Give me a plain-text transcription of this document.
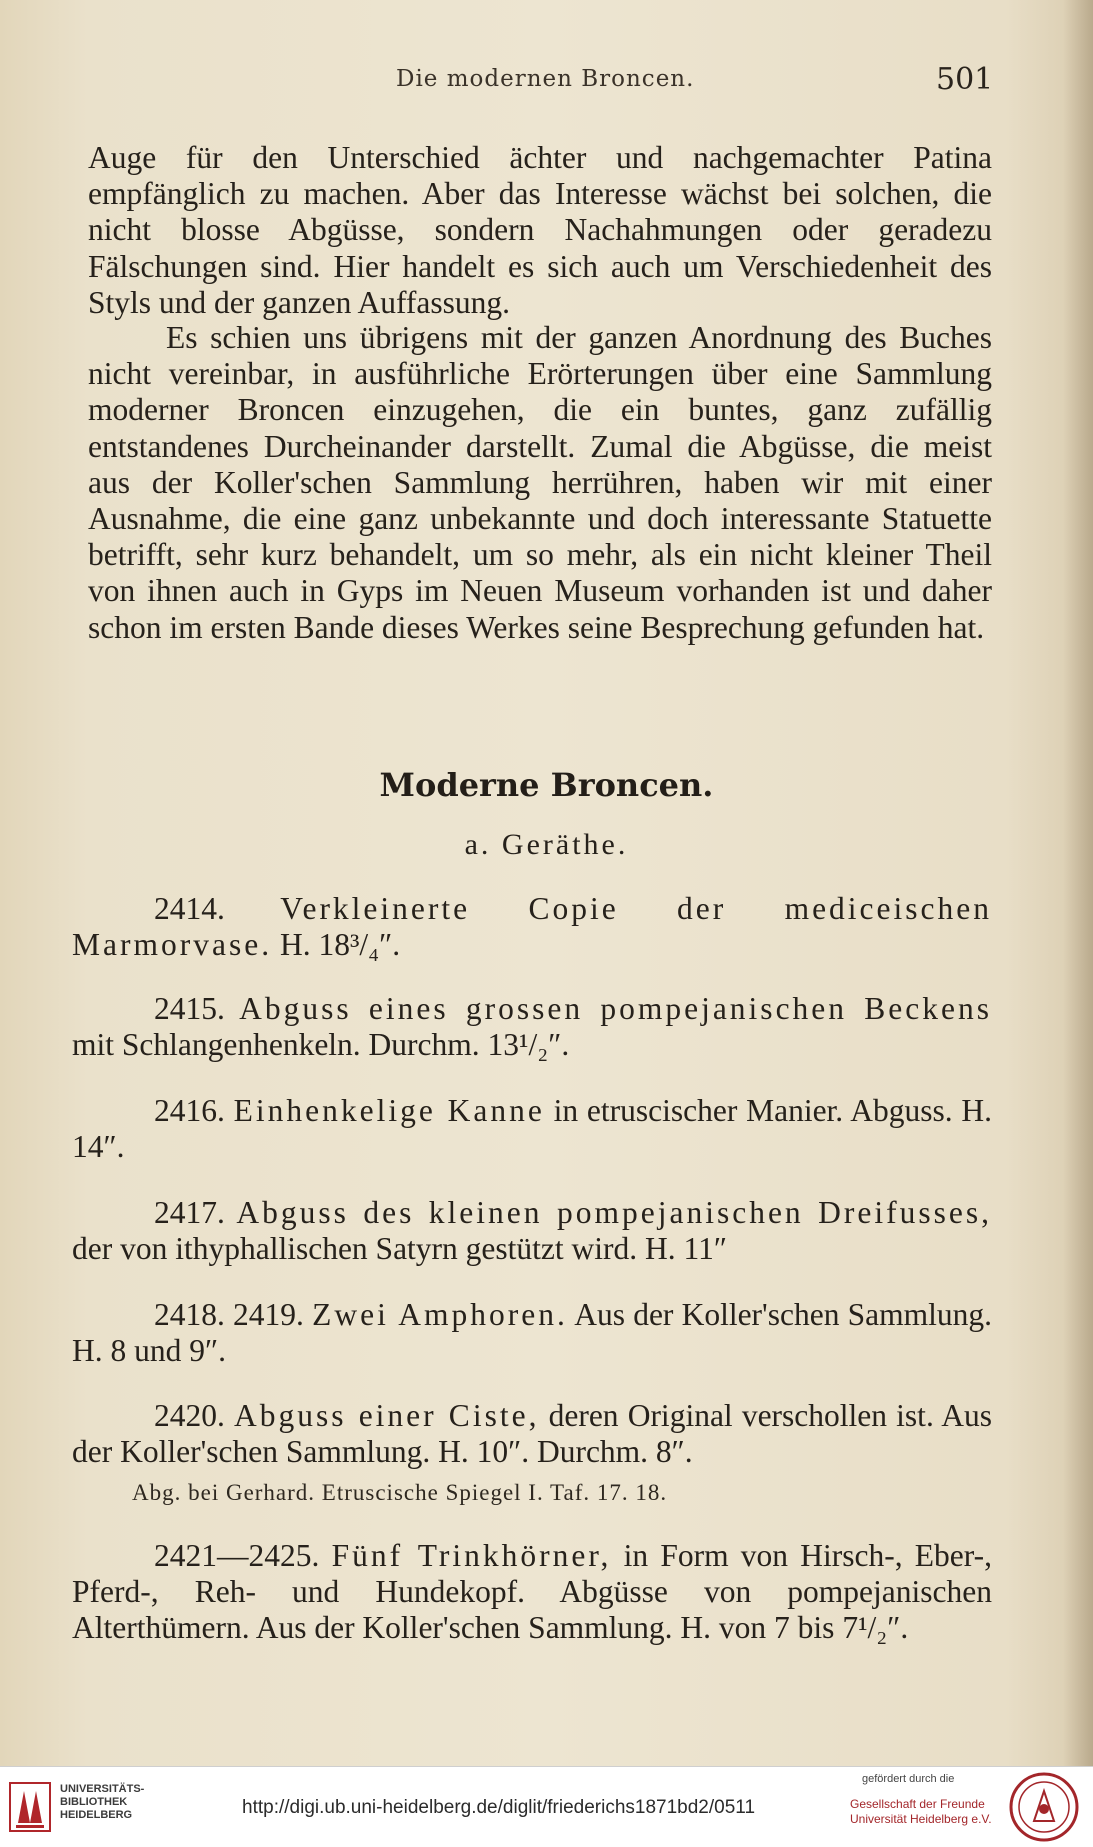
Die modernen Broncen.	501

Auge für den Unterschied ächter und nachgemachter Patina empfänglich zu machen. Aber das Interesse wächst bei solchen, die nicht blosse Abgüsse, sondern Nachahmungen oder geradezu Fälschungen sind. Hier handelt es sich auch um Verschiedenheit des Styls und der ganzen Auffassung.

Es schien uns übrigens mit der ganzen Anordnung des Buches nicht vereinbar, in ausführliche Erörterungen über eine Sammlung moderner Broncen einzugehen, die ein buntes, ganz zufällig entstandenes Durcheinander darstellt. Zumal die Abgüsse, die meist aus der Koller'schen Sammlung herrühren, haben wir mit einer Ausnahme, die eine ganz unbekannte und doch interessante Statuette betrifft, sehr kurz behandelt, um so mehr, als ein nicht kleiner Theil von ihnen auch in Gyps im Neuen Museum vorhanden ist und daher schon im ersten Bande dieses Werkes seine Besprechung gefunden hat.

Moderne Broncen.
a. Geräthe.

2414. Verkleinerte Copie der mediceischen Marmorvase. H. 18³/₄″.

2415. Abguss eines grossen pompejanischen Beckens mit Schlangenhenkeln. Durchm. 13¹/₂″.

2416. Einhenkelige Kanne in etruscischer Manier. Abguss. H. 14″.

2417. Abguss des kleinen pompejanischen Dreifusses, der von ithyphallischen Satyrn gestützt wird. H. 11″

2418. 2419. Zwei Amphoren. Aus der Koller'schen Sammlung. H. 8 und 9″.

2420. Abguss einer Ciste, deren Original verschollen ist. Aus der Koller'schen Sammlung. H. 10″. Durchm. 8″.

Abg. bei Gerhard. Etruscische Spiegel I. Taf. 17. 18.

2421—2425. Fünf Trinkhörner, in Form von Hirsch-, Eber-, Pferd-, Reh- und Hundekopf. Abgüsse von pompejanischen Alterthümern. Aus der Koller'schen Sammlung. H. von 7 bis 7¹/₂″.

UNIVERSITÄTS-
BIBLIOTHEK
HEIDELBERG	http://digi.ub.uni-heidelberg.de/diglit/friederichs1871bd2/0511
gefördert durch die
Gesellschaft der Freunde
Universität Heidelberg e.V.
